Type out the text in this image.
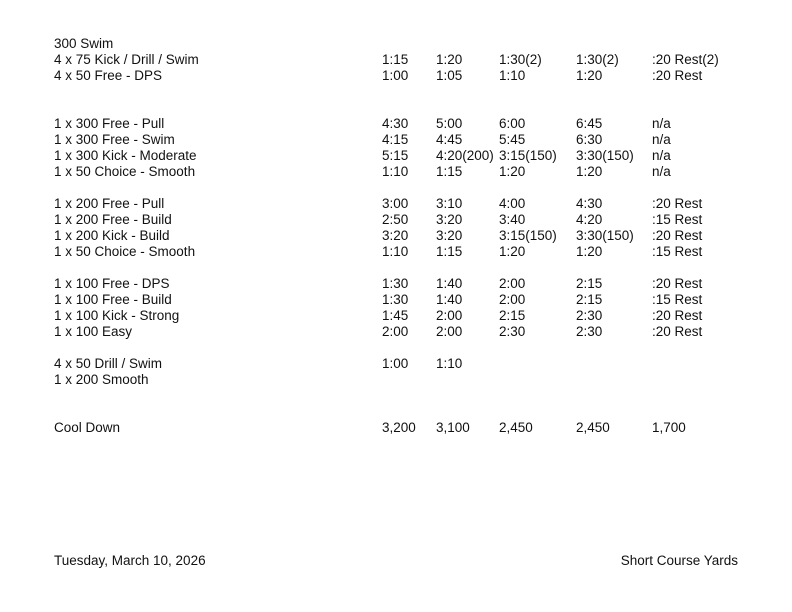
300 Swim
4 x 75 Kick / Drill / Swim	1:15 1:20	1:30(2)	1:30(2) :20 Rest(2)
4 x 50 Free - DPS	1:00 1:05	1:10	1:20	:20 Rest
1 x 300 Free - Pull	4:30 5:00	6:00	6:45	n/a
1 x 300 Free - Swim	4:15 4:45	5:45	6:30	n/a
1 x 300 Kick - Moderate	5:15 4:20(200) 3:15(150) 3:30(150) n/a
1 x 50 Choice - Smooth	1:10 1:15	1:20	1:20	n/a
1 x 200 Free - Pull	3:00 3:10	4:00	4:30	:20 Rest
1 x 200 Free - Build	2:50 3:20	3:40	4:20	:15 Rest
1 x 200 Kick - Build	3:20 3:20	3:15(150) 3:30(150) :20 Rest
1 x 50 Choice - Smooth	1:10 1:15	1:20	1:20	:15 Rest
1 x 100 Free - DPS	1:30 1:40	2:00	2:15	:20 Rest
1 x 100 Free - Build	1:30 1:40	2:00	2:15	:15 Rest
1 x 100 Kick - Strong	1:45 2:00	2:15	2:30	:20 Rest
1 x 100 Easy	2:00 2:00	2:30	2:30	:20 Rest
4 x 50 Drill / Swim	1:00 1:10
1 x 200 Smooth
Cool Down	3,200 3,100 2,450	2,450	1,700
Tuesday, March 10, 2026	Short Course Yards
